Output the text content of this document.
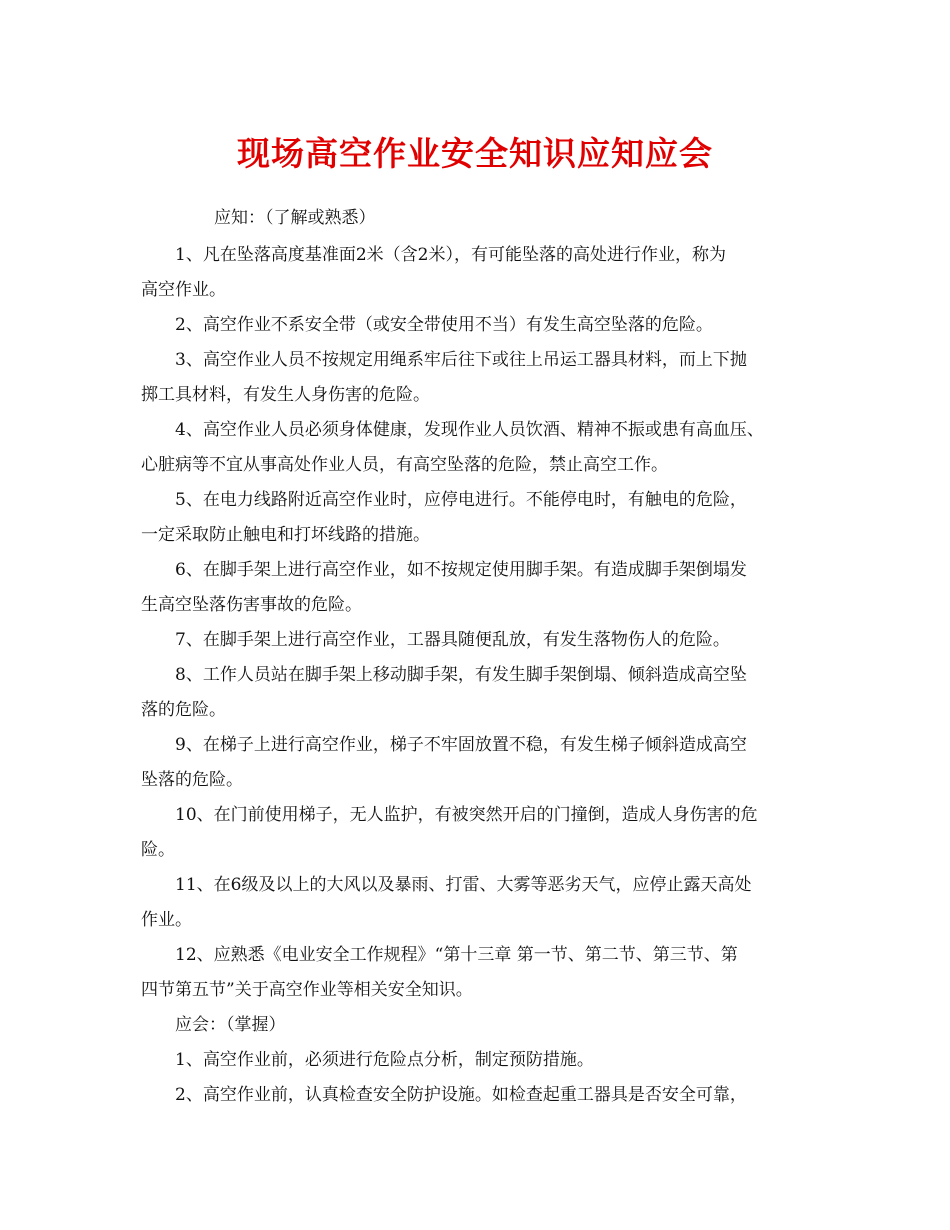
现场高空作业安全知识应知应会
应知：（了解或熟悉）
1、凡在坠落高度基准面2米（含2米），有可能坠落的高处进行作业，称为
高空作业。
2、高空作业不系安全带（或安全带使用不当）有发生高空坠落的危险。
3、高空作业人员不按规定用绳系牢后往下或往上吊运工器具材料，而上下抛
掷工具材料，有发生人身伤害的危险。
4、高空作业人员必须身体健康，发现作业人员饮酒、精神不振或患有高血压、
心脏病等不宜从事高处作业人员，有高空坠落的危险，禁止高空工作。
5、在电力线路附近高空作业时，应停电进行。不能停电时，有触电的危险，
一定采取防止触电和打坏线路的措施。
6、在脚手架上进行高空作业，如不按规定使用脚手架。有造成脚手架倒塌发
生高空坠落伤害事故的危险。
7、在脚手架上进行高空作业，工器具随便乱放，有发生落物伤人的危险。
8、工作人员站在脚手架上移动脚手架，有发生脚手架倒塌、倾斜造成高空坠
落的危险。
9、在梯子上进行高空作业，梯子不牢固放置不稳，有发生梯子倾斜造成高空
坠落的危险。
10、在门前使用梯子，无人监护，有被突然开启的门撞倒，造成人身伤害的危
险。
11、在6级及以上的大风以及暴雨、打雷、大雾等恶劣天气，应停止露天高处
作业。
12、应熟悉《电业安全工作规程》“第十三章 第一节、第二节、第三节、第
四节第五节”关于高空作业等相关安全知识。
应会：（掌握）
1、高空作业前，必须进行危险点分析，制定预防措施。
2、高空作业前，认真检查安全防护设施。如检查起重工器具是否安全可靠，
